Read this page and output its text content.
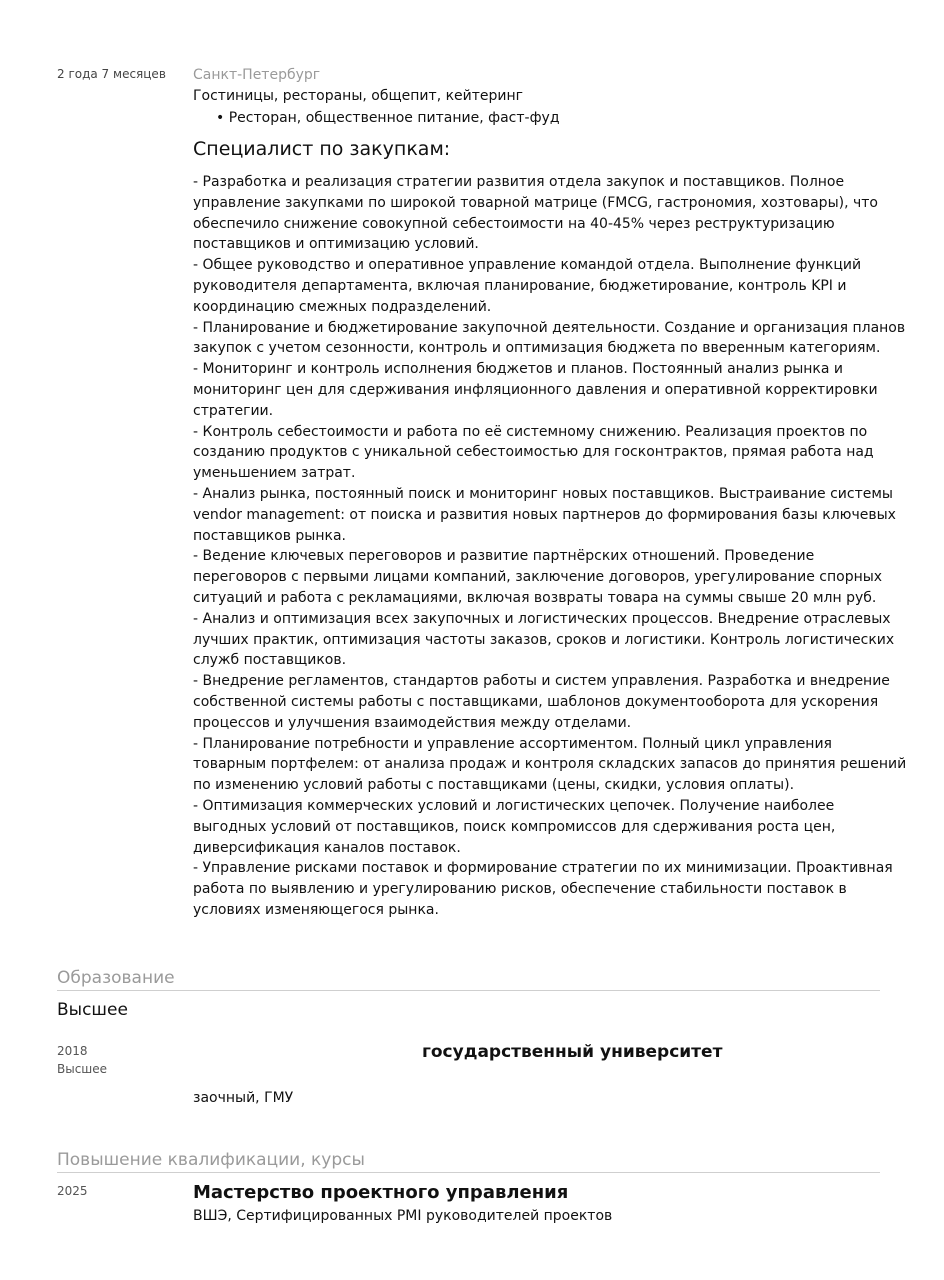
2 года 7 месяцев Санкт-Петербург
Гостиницы, рестораны, общепит, кейтеринг
• Ресторан, общественное питание, фаст-фуд
Специалист по закупкам:
- Разработка и реализация стратегии развития отдела закупок и поставщиков. Полное
управление закупками по широкой товарной матрице (FMCG, гастрономия, хозтовары), что
обеспечило снижение совокупной себестоимости на 40-45% через реструктуризацию
поставщиков и оптимизацию условий.
- Общее руководство и оперативное управление командой отдела. Выполнение функций
руководителя департамента, включая планирование, бюджетирование, контроль KPI и
координацию смежных подразделений.
- Планирование и бюджетирование закупочной деятельности. Создание и организация планов
закупок с учетом сезонности, контроль и оптимизация бюджета по вверенным категориям.
- Мониторинг и контроль исполнения бюджетов и планов. Постоянный анализ рынка и
мониторинг цен для сдерживания инфляционного давления и оперативной корректировки
стратегии.
- Контроль себестоимости и работа по её системному снижению. Реализация проектов по
созданию продуктов с уникальной себестоимостью для госконтрактов, прямая работа над
уменьшением затрат.
- Анализ рынка, постоянный поиск и мониторинг новых поставщиков. Выстраивание системы
vendor management: от поиска и развития новых партнеров до формирования базы ключевых
поставщиков рынка.
- Ведение ключевых переговоров и развитие партнёрских отношений. Проведение
переговоров с первыми лицами компаний, заключение договоров, урегулирование спорных
ситуаций и работа с рекламациями, включая возвраты товара на суммы свыше 20 млн руб.
- Анализ и оптимизация всех закупочных и логистических процессов. Внедрение отраслевых
лучших практик, оптимизация частоты заказов, сроков и логистики. Контроль логистических
служб поставщиков.
- Внедрение регламентов, стандартов работы и систем управления. Разработка и внедрение
собственной системы работы с поставщиками, шаблонов документооборота для ускорения
процессов и улучшения взаимодействия между отделами.
- Планирование потребности и управление ассортиментом. Полный цикл управления
товарным портфелем: от анализа продаж и контроля складских запасов до принятия решений
по изменению условий работы с поставщиками (цены, скидки, условия оплаты).
- Оптимизация коммерческих условий и логистических цепочек. Получение наиболее
выгодных условий от поставщиков, поиск компромиссов для сдерживания роста цен,
диверсификация каналов поставок.
- Управление рисками поставок и формирование стратегии по их минимизации. Проактивная
работа по выявлению и урегулированию рисков, обеспечение стабильности поставок в
условиях изменяющегося рынка.
Образование
Высшее
2018
Высшее
государственный университет
заочный, ГМУ
Повышение квалификации, курсы
2025	Мастерство проектного управления
ВШЭ, Сертифицированных PMI руководителей проектов
